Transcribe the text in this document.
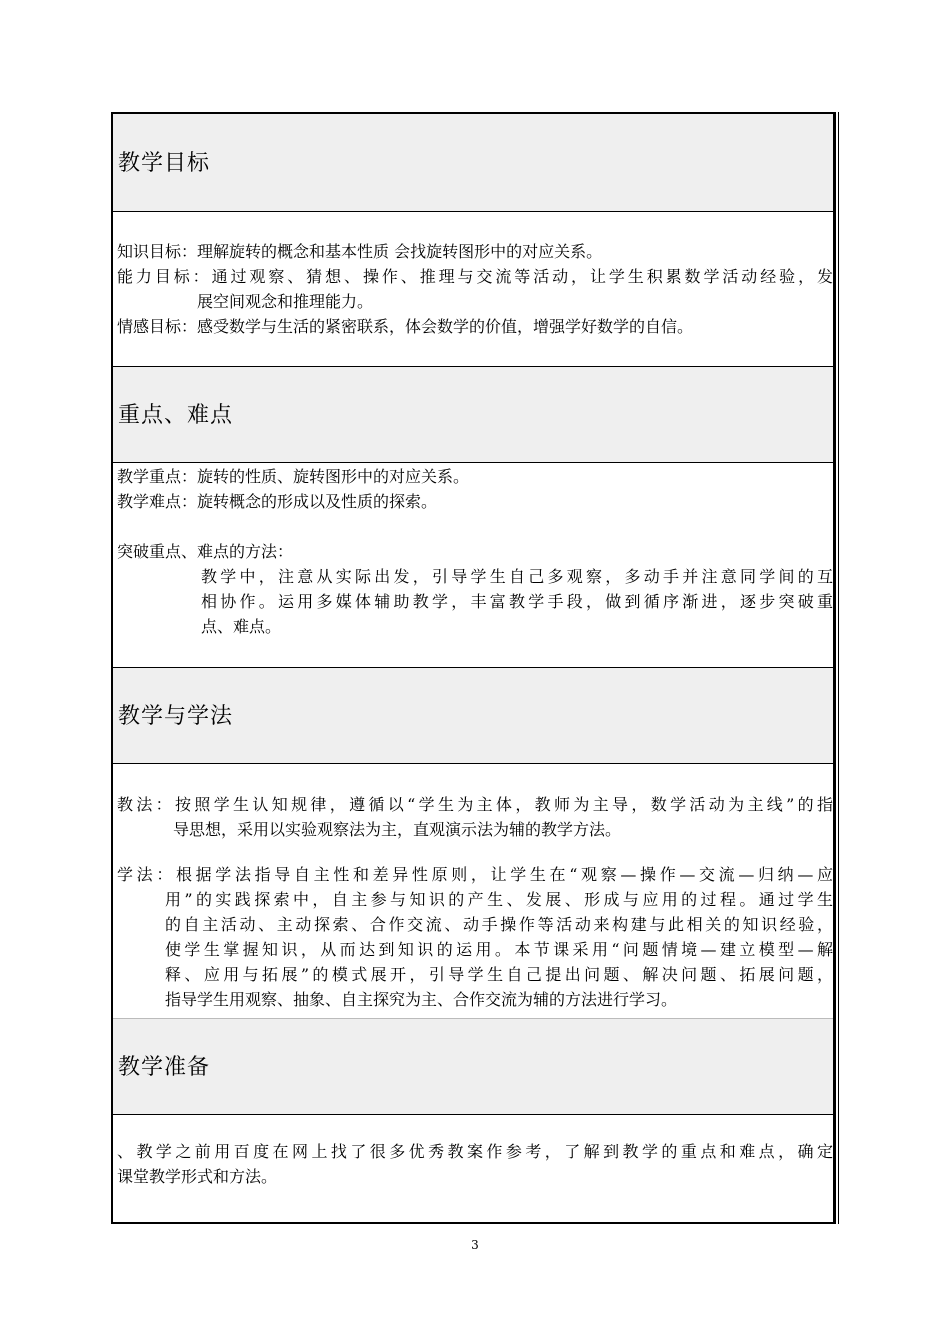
教学目标
知识目标：理解旋转的概念和基本性质 会找旋转图形中的对应关系。
能力目标：通过观察、猜想、操作、推理与交流等活动，让学生积累数学活动经验，发
展空间观念和推理能力。
情感目标：感受数学与生活的紧密联系，体会数学的价值，增强学好数学的自信。
重点、难点
教学重点：旋转的性质、旋转图形中的对应关系。
教学难点：旋转概念的形成以及性质的探索。
突破重点、难点的方法：
教学中，注意从实际出发，引导学生自己多观察，多动手并注意同学间的互
相协作。运用多媒体辅助教学，丰富教学手段，做到循序渐进，逐步突破重
点、难点。
教学与学法
教法：按照学生认知规律，遵循以“学生为主体，教师为主导，数学活动为主线”的指
导思想，采用以实验观察法为主，直观演示法为辅的教学方法。
学法：根据学法指导自主性和差异性原则，让学生在“观察—操作—交流—归纳—应
用”的实践探索中，自主参与知识的产生、发展、形成与应用的过程。通过学生
的自主活动、主动探索、合作交流、动手操作等活动来构建与此相关的知识经验，
使学生掌握知识，从而达到知识的运用。本节课采用“问题情境—建立模型—解
释、应用与拓展”的模式展开，引导学生自己提出问题、解决问题、拓展问题，
指导学生用观察、抽象、自主探究为主、合作交流为辅的方法进行学习。
教学准备
、教学之前用百度在网上找了很多优秀教案作参考，了解到教学的重点和难点，确定
课堂教学形式和方法。
3
